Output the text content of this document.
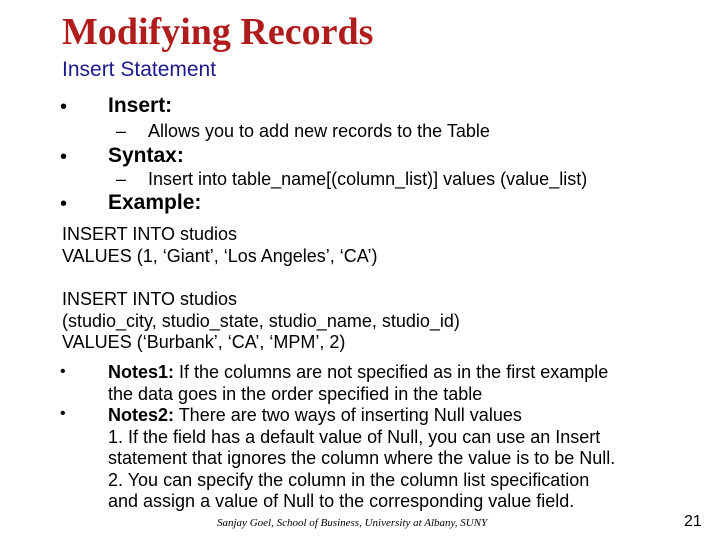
Modifying Records
Insert Statement
• Insert:
– Allows you to add new records to the Table
• Syntax:
– Insert into table_name[(column_list)] values (value_list)
• Example:
INSERT INTO studios
VALUES (1, ‘Giant’, ‘Los Angeles’, ‘CA’)
INSERT INTO studios
(studio_city, studio_state, studio_name, studio_id)
VALUES (‘Burbank’, ‘CA’, ‘MPM’, 2)
•
•
Notes1: If the columns are not specified as in the first example
the data goes in the order specified in the table
Notes2: There are two ways of inserting Null values
1. If the field has a default value of Null, you can use an Insert
statement that ignores the column where the value is to be Null.
2. You can specify the column in the column list specification
and assign a value of Null to the corresponding value field.
Sanjay Goel, School of Business, University at Albany, SUNY	21
